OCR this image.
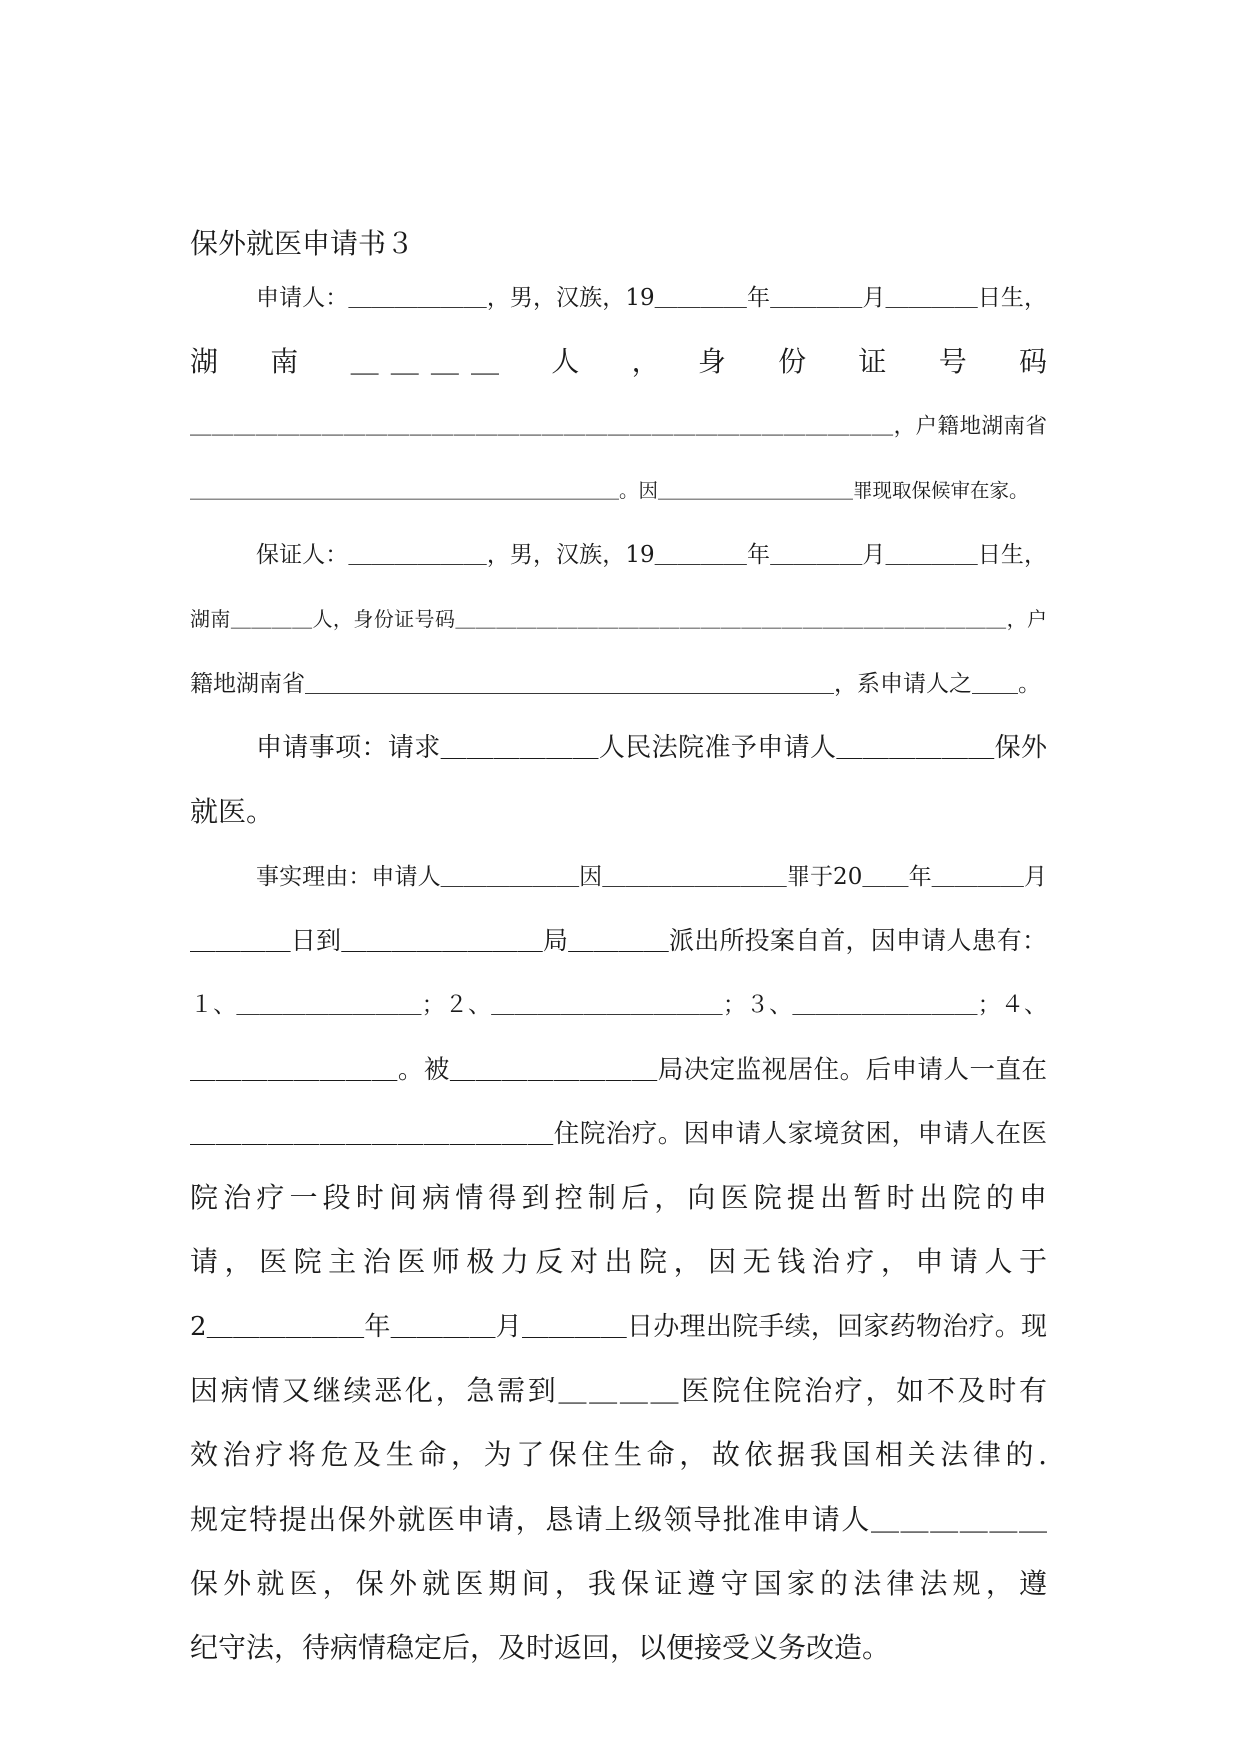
保外就医申请书３
申请人：＿＿＿＿＿＿，男，汉族，19＿＿＿＿年＿＿＿＿月＿＿＿＿日生，
湖　南　＿＿＿＿　人　，　身　份　证　号　码
＿＿＿＿＿＿＿＿＿＿＿＿＿＿＿＿＿＿＿＿＿＿＿＿＿＿＿＿＿＿＿＿，户籍地湖南省
＿＿＿＿＿＿＿＿＿＿＿＿＿＿＿＿＿＿＿＿＿＿。因＿＿＿＿＿＿＿＿＿＿罪现取保候审在家。
保证人：＿＿＿＿＿＿，男，汉族，19＿＿＿＿年＿＿＿＿月＿＿＿＿日生，
湖南＿＿＿＿人，身份证号码＿＿＿＿＿＿＿＿＿＿＿＿＿＿＿＿＿＿＿＿＿＿＿＿＿＿＿，户
籍地湖南省＿＿＿＿＿＿＿＿＿＿＿＿＿＿＿＿＿＿＿＿＿＿＿，系申请人之＿＿。
申请事项：请求＿＿＿＿＿＿人民法院准予申请人＿＿＿＿＿＿保外
就医。
事实理由：申请人＿＿＿＿＿＿因＿＿＿＿＿＿＿＿罪于20＿＿年＿＿＿＿月
＿＿＿＿日到＿＿＿＿＿＿＿＿局＿＿＿＿派出所投案自首，因申请人患有：
１、＿＿＿＿＿＿＿＿；２、＿＿＿＿＿＿＿＿＿＿；３、＿＿＿＿＿＿＿＿；４、
＿＿＿＿＿＿＿＿。被＿＿＿＿＿＿＿＿局决定监视居住。后申请人一直在
＿＿＿＿＿＿＿＿＿＿＿＿＿＿住院治疗。因申请人家境贫困，申请人在医
院治疗一段时间病情得到控制后，向医院提出暂时出院的申
请，医院主治医师极力反对出院，因无钱治疗，申请人于
2＿＿＿＿＿＿年＿＿＿＿月＿＿＿＿日办理出院手续，回家药物治疗。现
因病情又继续恶化，急需到＿＿＿＿医院住院治疗，如不及时有
效治疗将危及生命，为了保住生命，故依据我国相关法律的.
规定特提出保外就医申请，恳请上级领导批准申请人＿＿＿＿＿＿
保外就医，保外就医期间，我保证遵守国家的法律法规，遵
纪守法，待病情稳定后，及时返回，以便接受义务改造。
